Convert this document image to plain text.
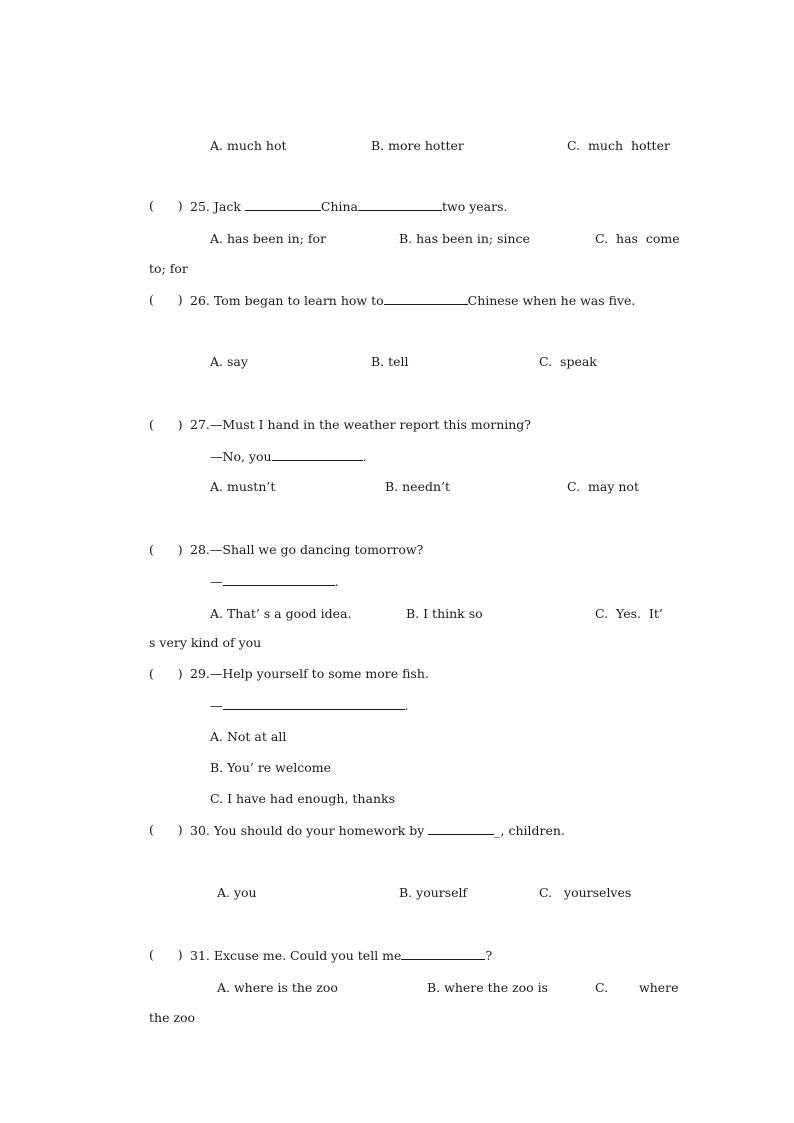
A. much hot	B. more hotter	C.  much  hotter
(      ) 25. Jack	China	two years.
A. has been in; for	B. has been in; since	C.  has  come
to; for
(      ) 26. Tom began to learn how to	Chinese when he was five.
A. say	B. tell	C.  speak
(      ) 27.—Must I hand in the weather report this morning?
—No, you	.
A. mustn’t	B. needn’t	C.  may not
(      ) 28.—Shall we go dancing tomorrow?
—	.
A. That’ s a good idea.	B. I think so	C.  Yes.  It’
s very kind of you
(      ) 29.—Help yourself to some more fish.
—	.
A. Not at all
B. You’ re welcome
C. I have had enough, thanks
(      ) 30. You should do your homework by	_, children.
A. you	B. yourself	C.   yourselves
(      ) 31. Excuse me. Could you tell me	?
A. where is the zoo	B. where the zoo is	C. where
the zoo
